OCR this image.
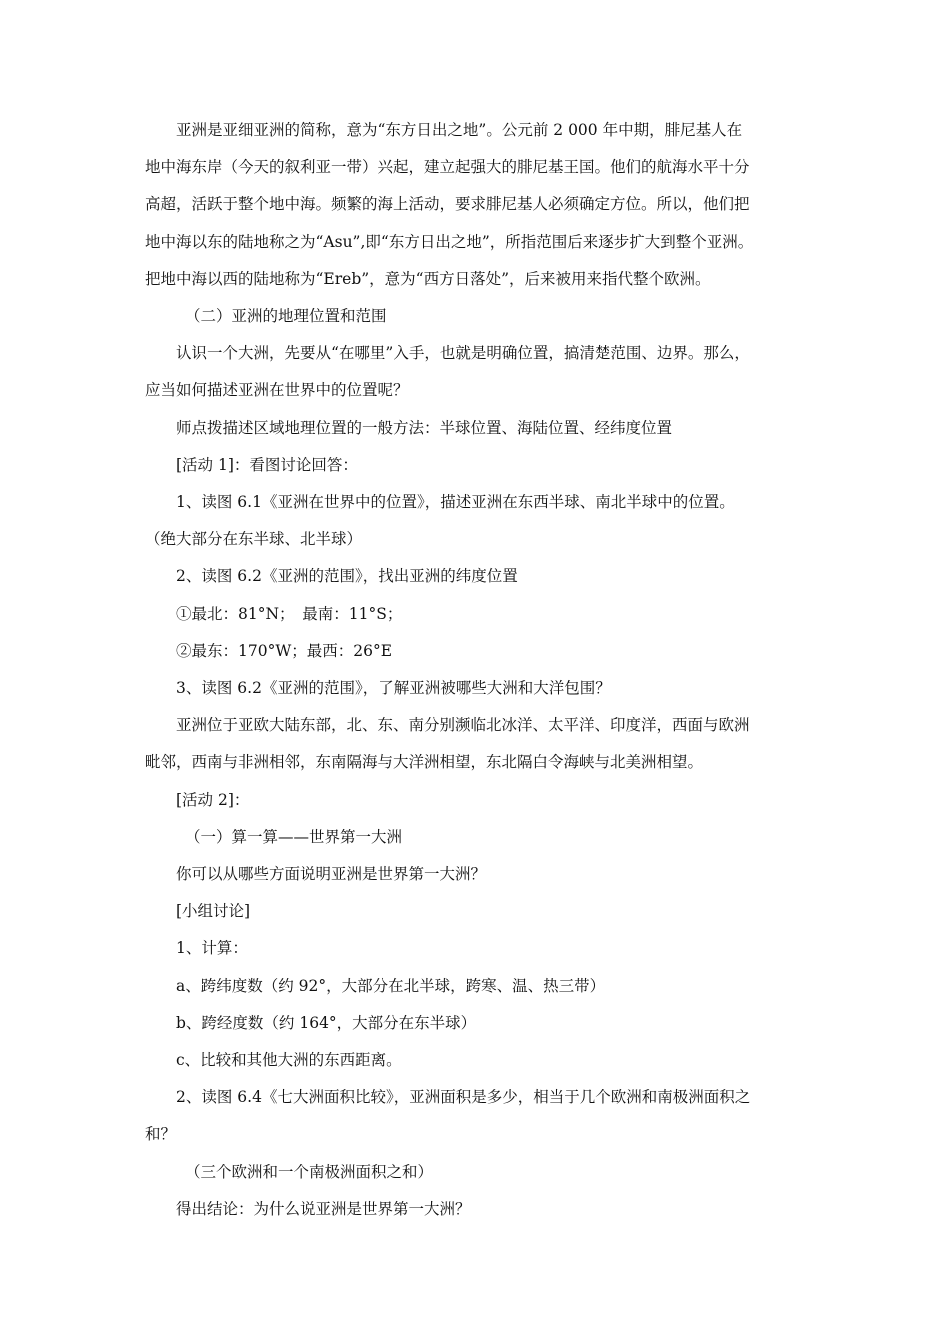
亚洲是亚细亚洲的简称，意为“东方日出之地”。公元前 2 000 年中期，腓尼基人在
地中海东岸（今天的叙利亚一带）兴起，建立起强大的腓尼基王国。他们的航海水平十分
高超，活跃于整个地中海。频繁的海上活动，要求腓尼基人必须确定方位。所以，他们把
地中海以东的陆地称之为“Asu”,即“东方日出之地”，所指范围后来逐步扩大到整个亚洲。
把地中海以西的陆地称为“Ereb”，意为“西方日落处”，后来被用来指代整个欧洲。
（二）亚洲的地理位置和范围
认识一个大洲，先要从“在哪里”入手，也就是明确位置，搞清楚范围、边界。那么，
应当如何描述亚洲在世界中的位置呢？
师点拨描述区域地理位置的一般方法：半球位置、海陆位置、经纬度位置
[活动 1]：看图讨论回答：
1、读图 6.1《亚洲在世界中的位置》，描述亚洲在东西半球、南北半球中的位置。
（绝大部分在东半球、北半球）
2、读图 6.2《亚洲的范围》，找出亚洲的纬度位置
①最北：81°N；　最南：11°S；
②最东：170°W；最西：26°E
3、读图 6.2《亚洲的范围》，了解亚洲被哪些大洲和大洋包围？
亚洲位于亚欧大陆东部，北、东、南分别濒临北冰洋、太平洋、印度洋，西面与欧洲
毗邻，西南与非洲相邻，东南隔海与大洋洲相望，东北隔白令海峡与北美洲相望。
[活动 2]：
（一）算一算——世界第一大洲
你可以从哪些方面说明亚洲是世界第一大洲？
[小组讨论]
1、计算：
a、跨纬度数（约 92°，大部分在北半球，跨寒、温、热三带）
b、跨经度数（约 164°，大部分在东半球）
c、比较和其他大洲的东西距离。
2、读图 6.4《七大洲面积比较》，亚洲面积是多少，相当于几个欧洲和南极洲面积之
和？
（三个欧洲和一个南极洲面积之和）
得出结论：为什么说亚洲是世界第一大洲？
